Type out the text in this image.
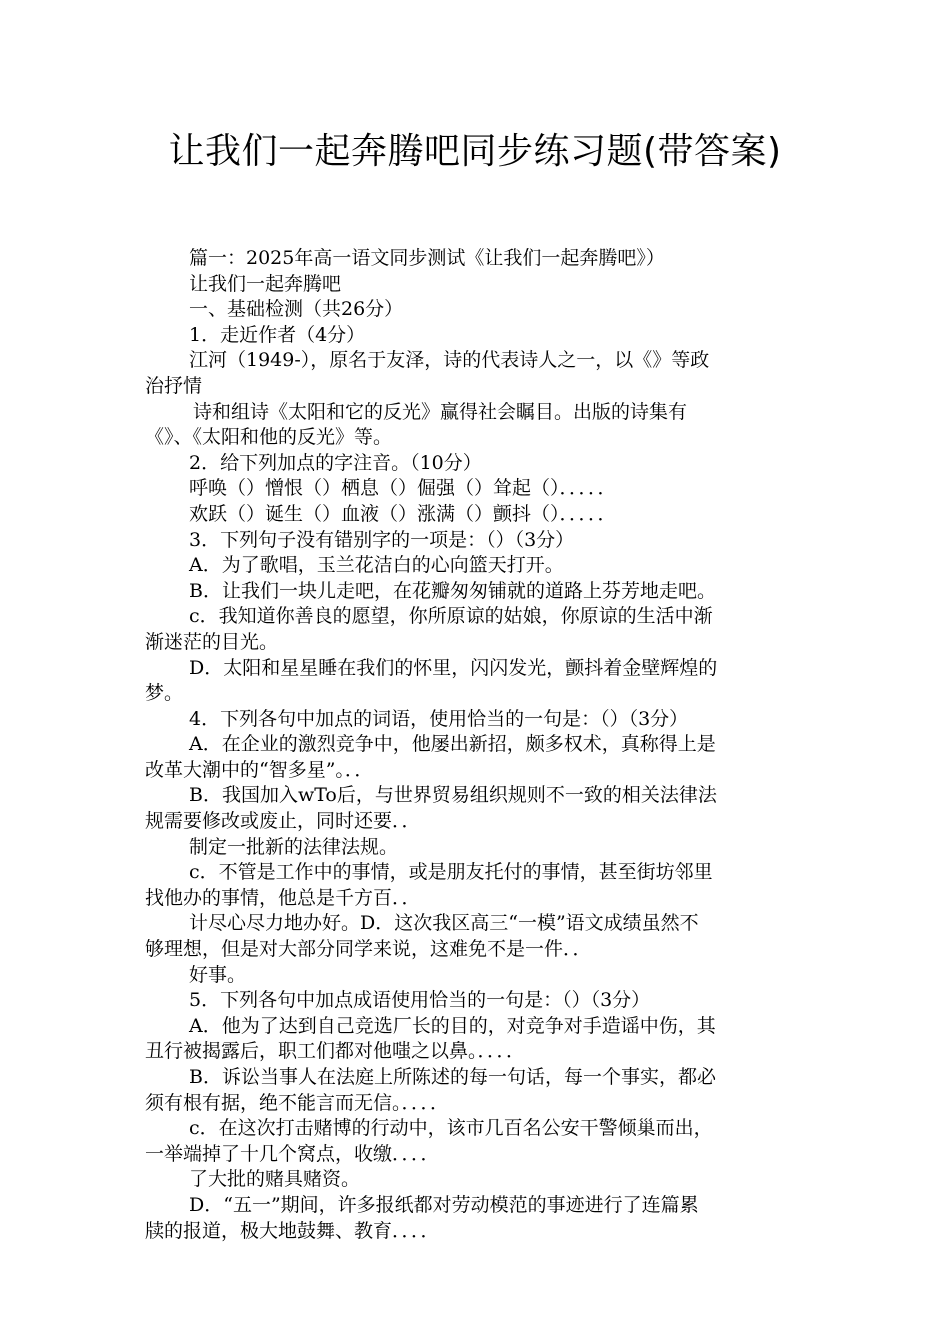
让我们一起奔腾吧同步练习题(带答案)

篇一：2025年高一语文同步测试《让我们一起奔腾吧》）

让我们一起奔腾吧

一、基础检测（共26分）

1．走近作者（4分）

江河（1949-），原名于友泽，诗的代表诗人之一，以《》等政

治抒情

诗和组诗《太阳和它的反光》赢得社会瞩目。出版的诗集有

《》、《太阳和他的反光》等。

2．给下列加点的字注音。（10分）

呼唤（）憎恨（）栖息（）倔强（）耸起（）．．．．．

欢跃（）诞生（）血液（）涨满（）颤抖（）．．．．．

3．下列句子没有错别字的一项是：（）（3分）

A．为了歌唱，玉兰花洁白的心向篮天打开。

B．让我们一块儿走吧，在花瓣匆匆铺就的道路上芬芳地走吧。

c．我知道你善良的愿望，你所原谅的姑娘，你原谅的生活中渐

渐迷茫的目光。

D．太阳和星星睡在我们的怀里，闪闪发光，颤抖着金壁辉煌的

梦。

4．下列各句中加点的词语，使用恰当的一句是：（）（3分）

A．在企业的激烈竞争中，他屡出新招，颇多权术，真称得上是

改革大潮中的“智多星”。．．

B．我国加入wTo后，与世界贸易组织规则不一致的相关法律法

规需要修改或废止，同时还要．．

制定一批新的法律法规。

c．不管是工作中的事情，或是朋友托付的事情，甚至街坊邻里

找他办的事情，他总是千方百．．

计尽心尽力地办好。D．这次我区高三“一模”语文成绩虽然不

够理想，但是对大部分同学来说，这难免不是一件．．

好事。

5．下列各句中加点成语使用恰当的一句是：（）（3分）

A．他为了达到自己竞选厂长的目的，对竞争对手造谣中伤，其

丑行被揭露后，职工们都对他嗤之以鼻。．．．．

B．诉讼当事人在法庭上所陈述的每一句话，每一个事实，都必

须有根有据，绝不能言而无信。．．．．

c．在这次打击赌博的行动中，该市几百名公安干警倾巢而出，

一举端掉了十几个窝点，收缴．．．．

了大批的赌具赌资。

D．“五一”期间，许多报纸都对劳动模范的事迹进行了连篇累

牍的报道，极大地鼓舞、教育．．．．
